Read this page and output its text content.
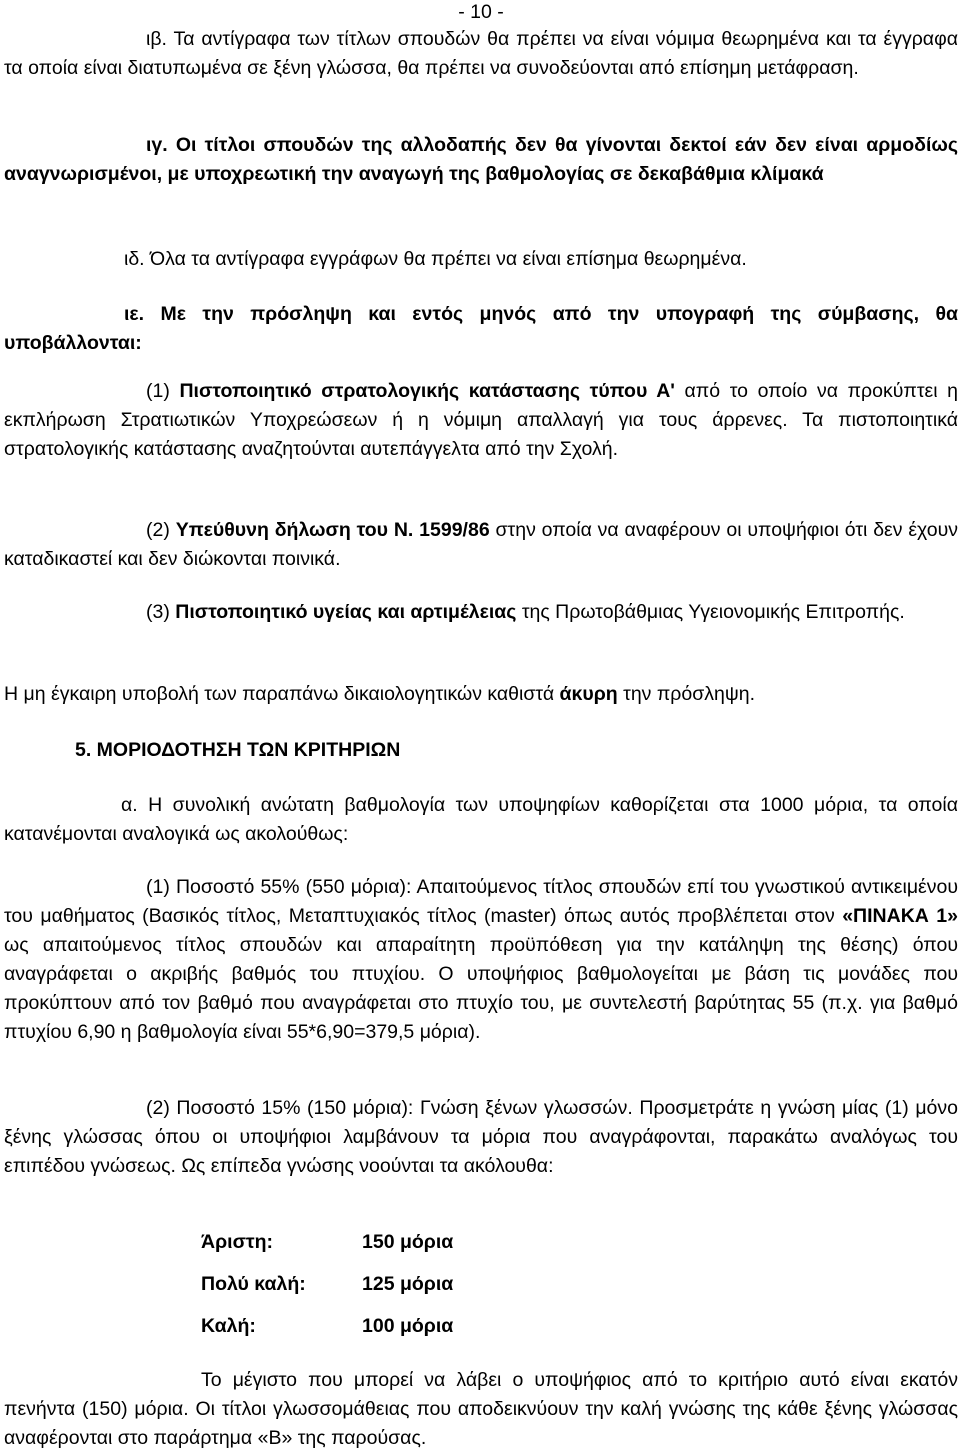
- 10 -

ιβ. Τα αντίγραφα των τίτλων σπουδών θα πρέπει να είναι νόμιμα θεωρημένα και τα έγγραφα τα οποία είναι διατυπωμένα σε ξένη γλώσσα, θα πρέπει να συνοδεύονται από επίσημη μετάφραση.

ιγ. Οι τίτλοι σπουδών της αλλοδαπής δεν θα γίνονται δεκτοί εάν δεν είναι αρμοδίως αναγνωρισμένοι, με υποχρεωτική την αναγωγή της βαθμολογίας σε δεκαβάθμια κλίμακά

ιδ. Όλα τα αντίγραφα εγγράφων θα πρέπει να είναι επίσημα θεωρημένα.

ιε. Με την πρόσληψη και εντός μηνός από την υπογραφή της σύμβασης, θα υποβάλλονται:

(1) Πιστοποιητικό στρατολογικής κατάστασης τύπου Α' από το οποίο να προκύπτει η εκπλήρωση Στρατιωτικών Υποχρεώσεων ή η νόμιμη απαλλαγή για τους άρρενες. Τα πιστοποιητικά στρατολογικής κατάστασης αναζητούνται αυτεπάγγελτα από την Σχολή.

(2) Υπεύθυνη δήλωση του Ν. 1599/86 στην οποία να αναφέρουν οι υποψήφιοι ότι δεν έχουν καταδικαστεί και δεν διώκονται ποινικά.

(3) Πιστοποιητικό υγείας και αρτιμέλειας της Πρωτοβάθμιας Υγειονομικής Επιτροπής.

Η μη έγκαιρη υποβολή των παραπάνω δικαιολογητικών καθιστά άκυρη την πρόσληψη.

5. ΜΟΡΙΟΔΟΤΗΣΗ ΤΩΝ ΚΡΙΤΗΡΙΩΝ

α. Η συνολική ανώτατη βαθμολογία των υποψηφίων καθορίζεται στα 1000 μόρια, τα οποία κατανέμονται αναλογικά ως ακολούθως:

(1) Ποσοστό 55% (550 μόρια): Απαιτούμενος τίτλος σπουδών επί του γνωστικού αντικειμένου του μαθήματος (Βασικός τίτλος, Μεταπτυχιακός τίτλος (master) όπως αυτός προβλέπεται στον «ΠΙΝΑΚΑ 1» ως απαιτούμενος τίτλος σπουδών και απαραίτητη προϋπόθεση για την κατάληψη της θέσης) όπου αναγράφεται ο ακριβής βαθμός του πτυχίου. Ο υποψήφιος βαθμολογείται με βάση τις μονάδες που προκύπτουν από τον βαθμό που αναγράφεται στο πτυχίο του, με συντελεστή βαρύτητας 55 (π.χ. για βαθμό πτυχίου 6,90 η βαθμολογία είναι 55*6,90=379,5 μόρια).

(2) Ποσοστό 15% (150 μόρια): Γνώση ξένων γλωσσών. Προσμετράτε η γνώση μίας (1) μόνο ξένης γλώσσας όπου οι υποψήφιοι λαμβάνουν τα μόρια που αναγράφονται, παρακάτω αναλόγως του επιπέδου γνώσεως. Ως επίπεδα γνώσης νοούνται τα ακόλουθα:

Άριστη:	150 μόρια
Πολύ καλή:	125 μόρια
Καλή:	100 μόρια

Το μέγιστο που μπορεί να λάβει ο υποψήφιος από το κριτήριο αυτό είναι εκατόν πενήντα (150) μόρια. Οι τίτλοι γλωσσομάθειας που αποδεικνύουν την καλή γνώσης της κάθε ξένης γλώσσας αναφέρονται στο παράρτημα «Β» της παρούσας.
